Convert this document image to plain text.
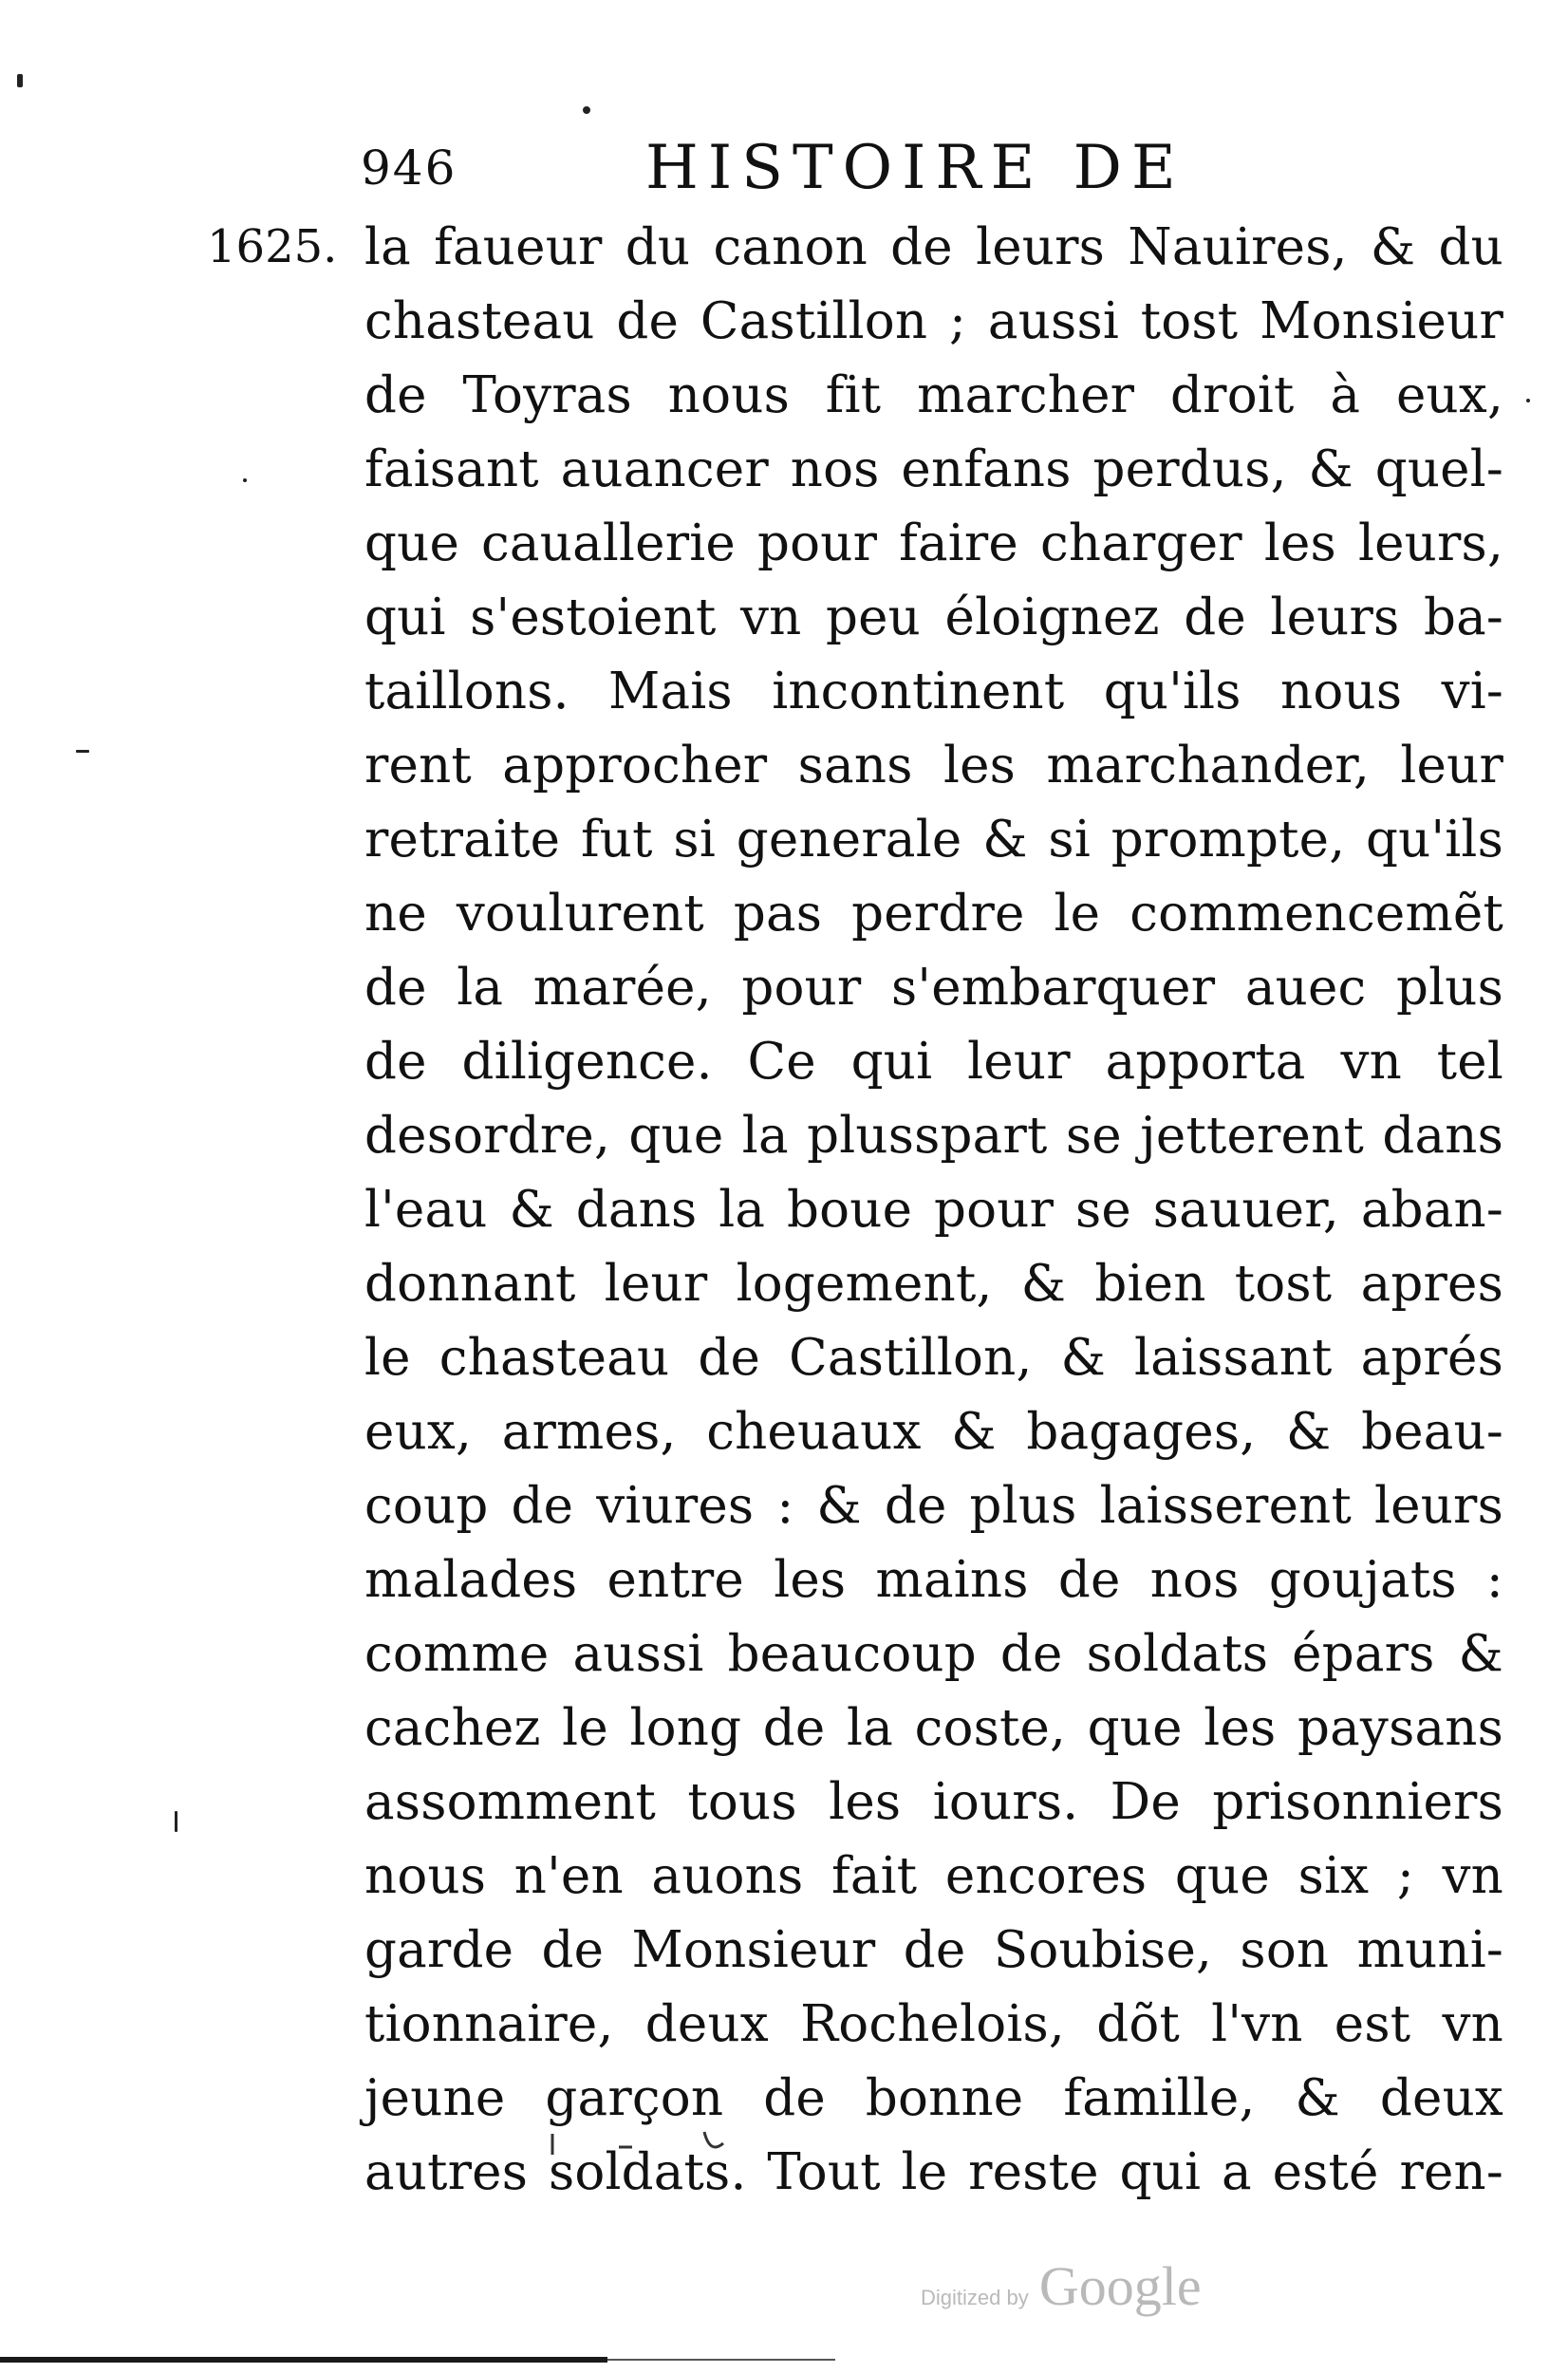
946	HISTOIRE DE
1625. la faueur du canon de leurs Nauires, & du
chasteau de Castillon ; aussi tost Monsieur
de Toyras nous fit marcher droit à eux,
faisant auancer nos enfans perdus, & quel-
que cauallerie pour faire charger les leurs,
qui s'estoient vn peu éloignez de leurs ba-
taillons. Mais incontinent qu'ils nous vi-
rent approcher sans les marchander, leur
retraite fut si generale & si prompte, qu'ils
ne voulurent pas perdre le commencemẽt
de la marée, pour s'embarquer auec plus
de diligence. Ce qui leur apporta vn tel
desordre, que la plusspart se jetterent dans
l'eau & dans la boue pour se sauuer, aban-
donnant leur logement, & bien tost apres
le chasteau de Castillon, & laissant aprés
eux, armes, cheuaux & bagages, & beau-
coup de viures : & de plus laisserent leurs
malades entre les mains de nos goujats :
comme aussi beaucoup de soldats épars &
cachez le long de la coste, que les paysans
assomment tous les iours. De prisonniers
nous n'en auons fait encores que six ; vn
garde de Monsieur de Soubise, son muni-
tionnaire, deux Rochelois, dõt l'vn est vn
jeune garçon de bonne famille, & deux
autres soldats. Tout le reste qui a esté ren-
Digitized by Google
